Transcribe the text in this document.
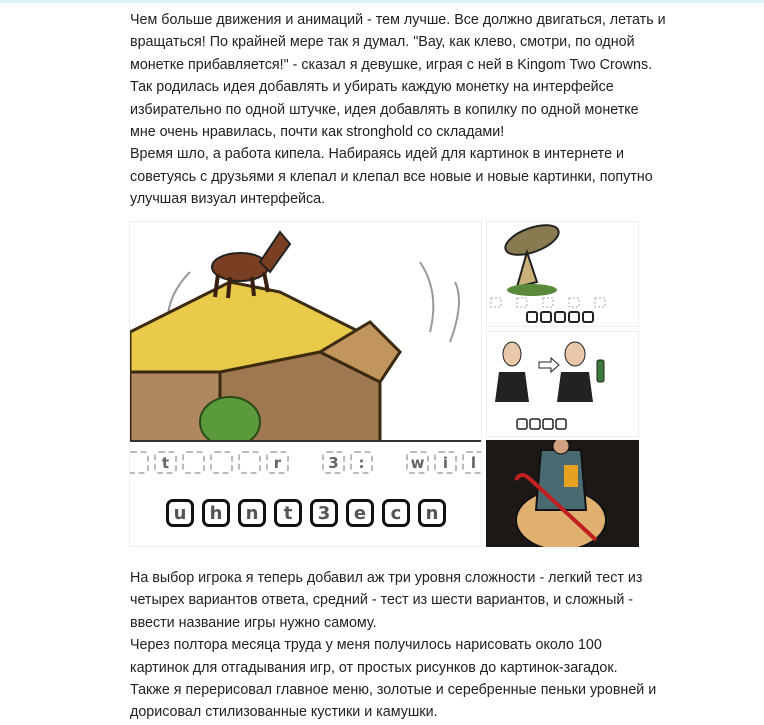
Чем больше движения и анимаций - тем лучше. Все должно двигаться, летать и
вращаться! По крайней мере так я думал. "Вау, как клево, смотри, по одной
монетке прибавляется!" - сказал я девушке, играя с ней в Kingom Two Crowns.
Так родилась идея добавлять и убирать каждую монетку на интерфейсе
избирательно по одной штучке, идея добавлять в копилку по одной монетке
мне очень нравилась, почти как stronghold со складами!
Время шло, а работа кипела. Набираясь идей для картинок в интернете и
советуясь с друзьями я клепал и клепал все новые и новые картинки, попутно
улучшая визуал интерфейса.
t	r	3	:	w	i	l
u	h	n	t	3	e	c	n
На выбор игрока я теперь добавил аж три уровня сложности - легкий тест из
четырех вариантов ответа, средний - тест из шести вариантов, и сложный -
ввести название игры нужно самому.
Через полтора месяца труда у меня получилось нарисовать около 100
картинок для отгадывания игр, от простых рисунков до картинок-загадок.
Также я перерисовал главное меню, золотые и серебренные пеньки уровней и
дорисовал стилизованные кустики и камушки.
